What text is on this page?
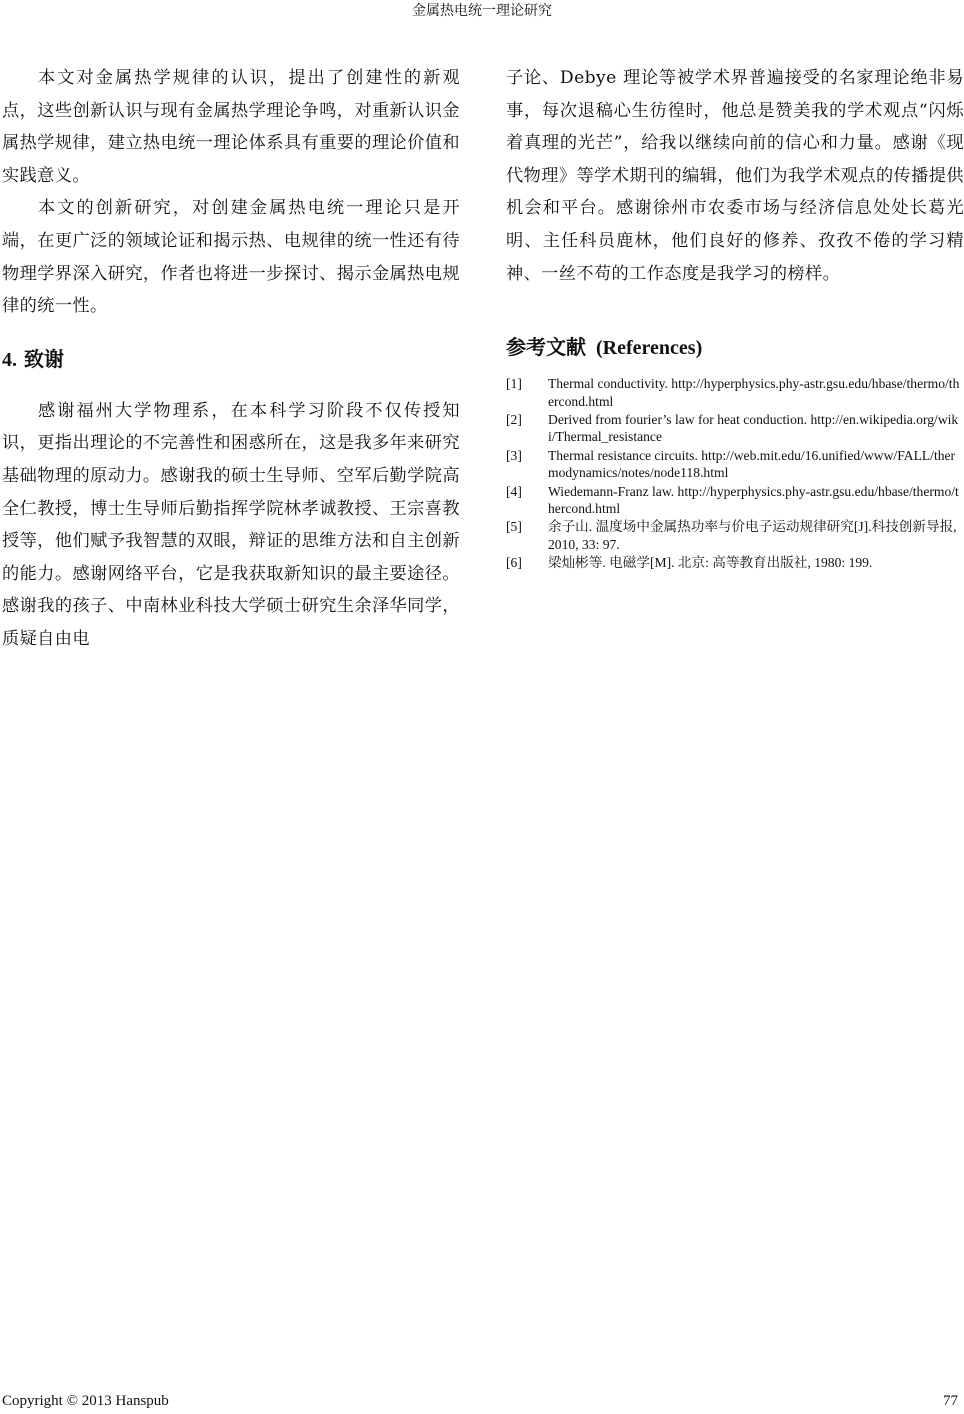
金属热电统一理论研究

本文对金属热学规律的认识，提出了创建性的新观点，这些创新认识与现有金属热学理论争鸣，对重新认识金属热学规律，建立热电统一理论体系具有重要的理论价值和实践意义。

本文的创新研究，对创建金属热电统一理论只是开端，在更广泛的领域论证和揭示热、电规律的统一性还有待物理学界深入研究，作者也将进一步探讨、揭示金属热电规律的统一性。

4. 致谢

感谢福州大学物理系，在本科学习阶段不仅传授知识，更指出理论的不完善性和困惑所在，这是我多年来研究基础物理的原动力。感谢我的硕士生导师、空军后勤学院高全仁教授，博士生导师后勤指挥学院林孝诚教授、王宗喜教授等，他们赋予我智慧的双眼，辩证的思维方法和自主创新的能力。感谢网络平台，它是我获取新知识的最主要途径。感谢我的孩子、中南林业科技大学硕士研究生余泽华同学，质疑自由电

子论、Debye 理论等被学术界普遍接受的名家理论绝非易事，每次退稿心生彷徨时，他总是赞美我的学术观点“闪烁着真理的光芒”，给我以继续向前的信心和力量。感谢《现代物理》等学术期刊的编辑，他们为我学术观点的传播提供机会和平台。感谢徐州市农委市场与经济信息处处长葛光明、主任科员鹿林，他们良好的修养、孜孜不倦的学习精神、一丝不苟的工作态度是我学习的榜样。

参考文献 (References)
[1] Thermal conductivity. http://hyperphysics.phy-astr.gsu.edu/hbase/thermo/thercond.html
[2] Derived from fourier’s law for heat conduction. http://en.wikipedia.org/wiki/Thermal_resistance
[3] Thermal resistance circuits. http://web.mit.edu/16.unified/www/FALL/thermodynamics/notes/node118.html
[4] Wiedemann-Franz law. http://hyperphysics.phy-astr.gsu.edu/hbase/thermo/thercond.html
[5] 余子山. 温度场中金属热功率与价电子运动规律研究[J].科技创新导报, 2010, 33: 97.
[6] 梁灿彬等. 电磁学[M]. 北京: 高等教育出版社, 1980: 199.
Copyright © 2013 Hanspub	77
